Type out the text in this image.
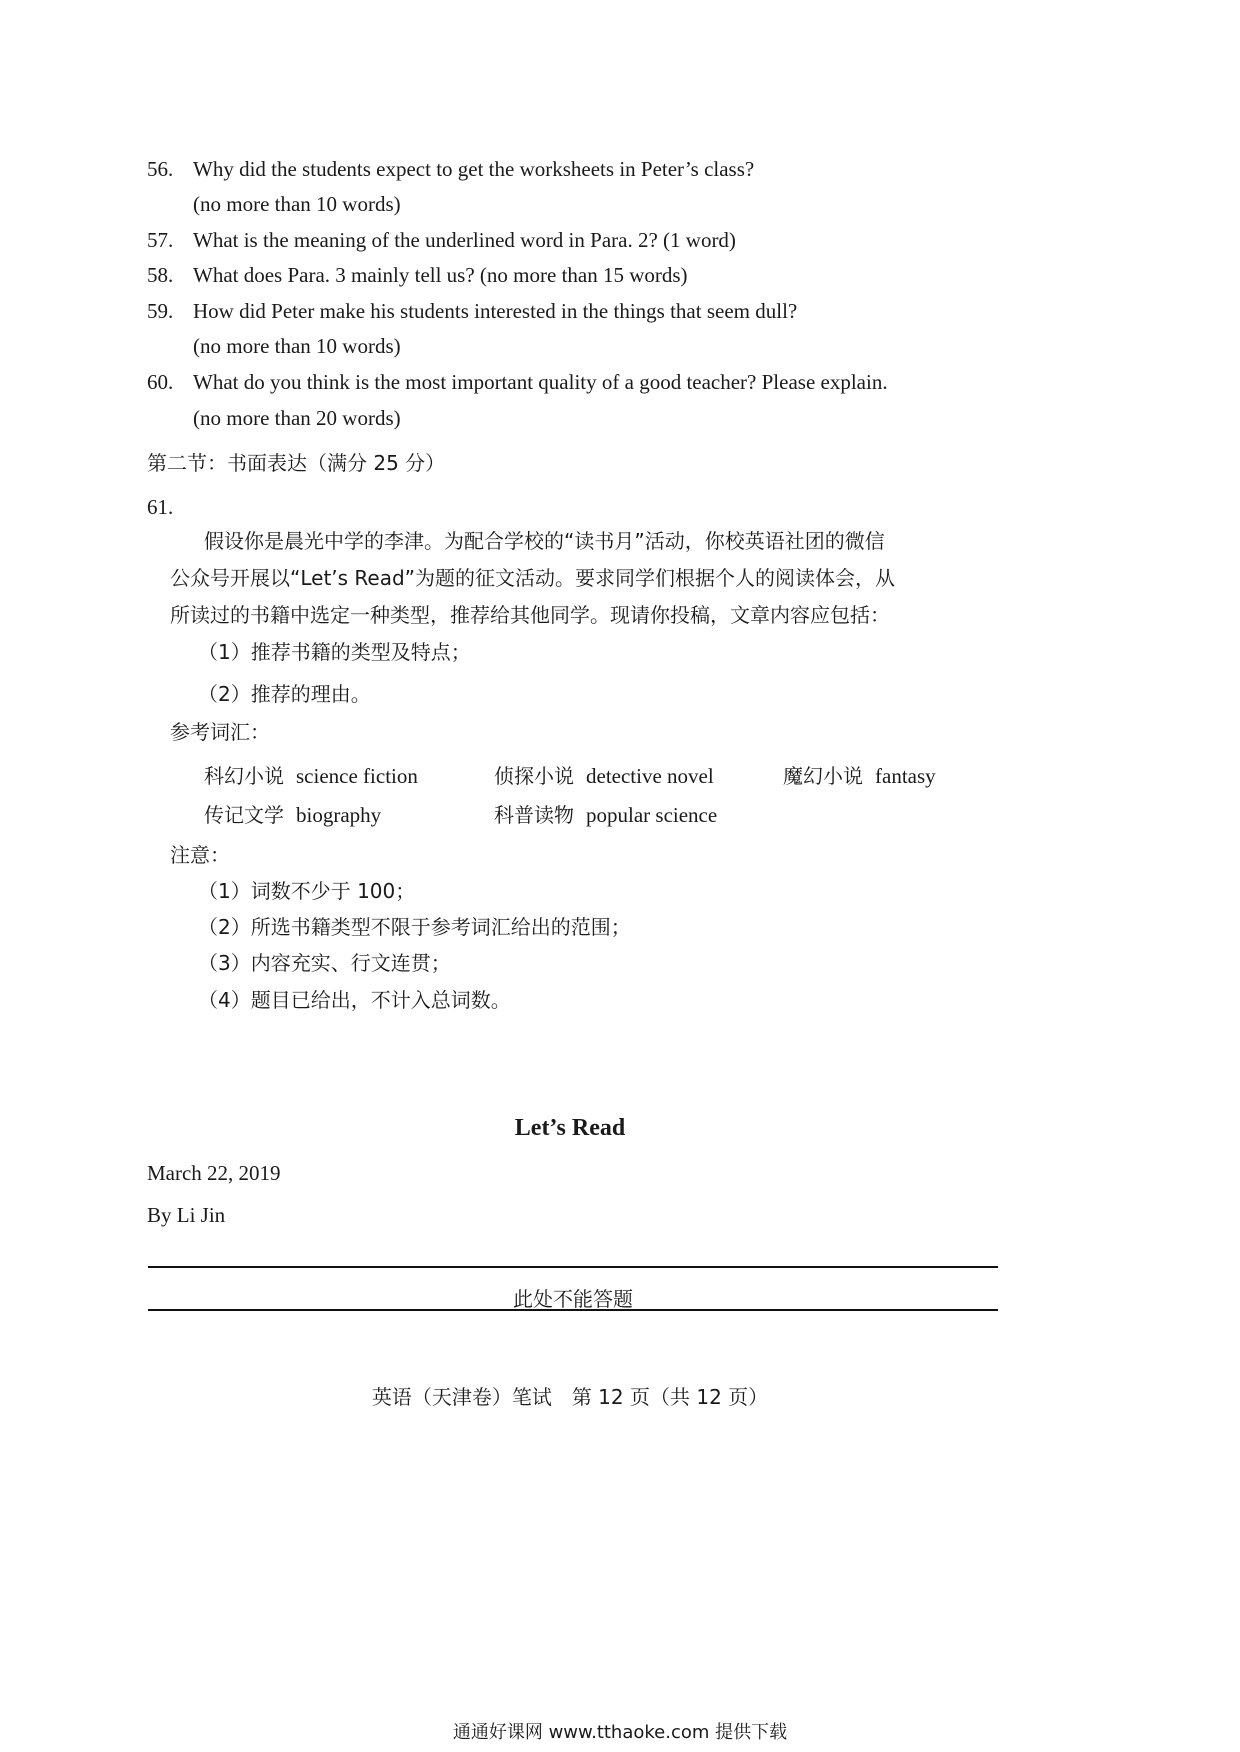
56. Why did the students expect to get the worksheets in Peter’s class?
(no more than 10 words)
57. What is the meaning of the underlined word in Para. 2? (1 word)
58. What does Para. 3 mainly tell us? (no more than 15 words)
59. How did Peter make his students interested in the things that seem dull?
(no more than 10 words)
60. What do you think is the most important quality of a good teacher? Please explain.
(no more than 20 words)
第二节：书面表达（满分 25 分）
61.
假设你是晨光中学的李津。为配合学校的“读书月”活动，你校英语社团的微信
公众号开展以“Let’s Read”为题的征文活动。要求同学们根据个人的阅读体会，从
所读过的书籍中选定一种类型，推荐给其他同学。现请你投稿，文章内容应包括：
（1）推荐书籍的类型及特点；
（2）推荐的理由。
参考词汇：
科幻小说 science fiction	侦探小说 detective novel	魔幻小说 fantasy
传记文学 biography	科普读物 popular science
注意：
（1）词数不少于 100；
（2）所选书籍类型不限于参考词汇给出的范围；
（3）内容充实、行文连贯；
（4）题目已给出，不计入总词数。
Let’s Read
March 22, 2019
By Li Jin
此处不能答题
英语（天津卷）笔试　第 12 页（共 12 页）
通通好课网 www.tthaoke.com 提供下载
